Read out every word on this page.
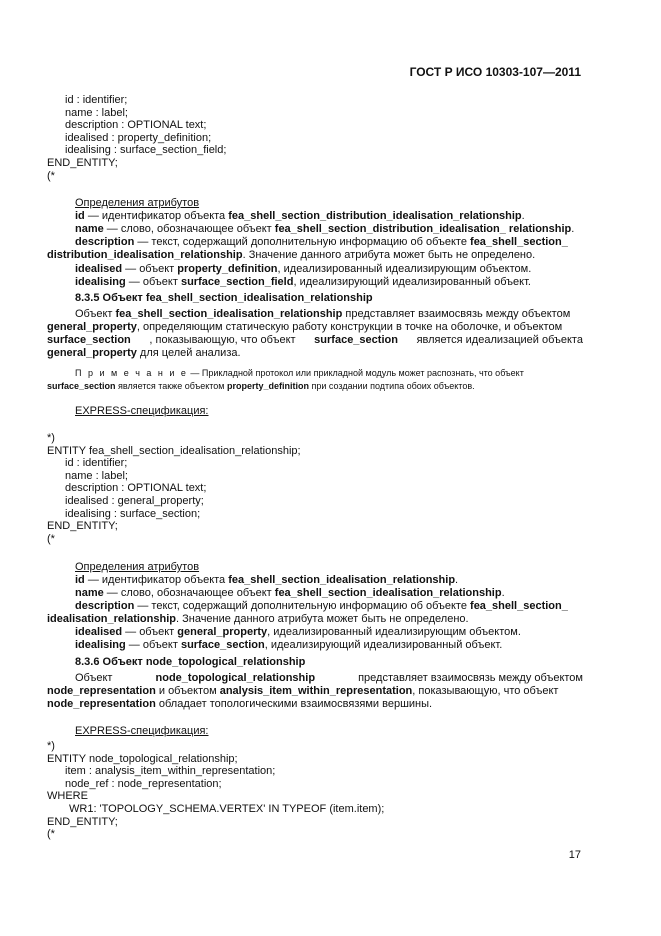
ГОСТ Р ИСО 10303-107—2011
id : identifier;
name : label;
description : OPTIONAL text;
idealised : property_definition;
idealising : surface_section_field;
END_ENTITY;
(*
Определения атрибутов
id — идентификатор объекта fea_shell_section_distribution_idealisation_relationship.
name — слово, обозначающее объект fea_shell_section_distribution_idealisation_ relationship.
description — текст, содержащий дополнительную информацию об объекте fea_shell_section_
distribution_idealisation_relationship. Значение данного атрибута может быть не определено.
idealised — объект property_definition, идеализированный идеализирующим объектом.
idealising — объект surface_section_field, идеализирующий идеализированный объект.
8.3.5 Объект fea_shell_section_idealisation_relationship
Объект fea_shell_section_idealisation_relationship представляет взаимосвязь между объектом
general_property, определяющим статическую работу конструкции в точке на оболочке, и объектом
surface_section , показывающую, что объект surface_section является идеализацией объекта
general_property для целей анализа.
П р и м е ч а н и е — Прикладной протокол или прикладной модуль может распознать, что объект
surface_section является также объектом property_definition при создании подтипа обоих объектов.
EXPRESS-спецификация:
*)
ENTITY fea_shell_section_idealisation_relationship;
id : identifier;
name : label;
description : OPTIONAL text;
idealised : general_property;
idealising : surface_section;
END_ENTITY;
(*
Определения атрибутов
id — идентификатор объекта fea_shell_section_idealisation_relationship.
name — слово, обозначающее объект fea_shell_section_idealisation_relationship.
description — текст, содержащий дополнительную информацию об объекте fea_shell_section_
idealisation_relationship. Значение данного атрибута может быть не определено.
idealised — объект general_property, идеализированный идеализирующим объектом.
idealising — объект surface_section, идеализирующий идеализированный объект.
8.3.6 Объект node_topological_relationship
Объект	node_topological_relationship	представляет взаимосвязь между объектом
node_representation и объектом analysis_item_within_representation, показывающую, что объект
node_representation обладает топологическими взаимосвязями вершины.
EXPRESS-спецификация:
*)
ENTITY node_topological_relationship;
item : analysis_item_within_representation;
node_ref : node_representation;
WHERE
WR1: 'TOPOLOGY_SCHEMA.VERTEX' IN TYPEOF (item.item);
END_ENTITY;
(*
17
